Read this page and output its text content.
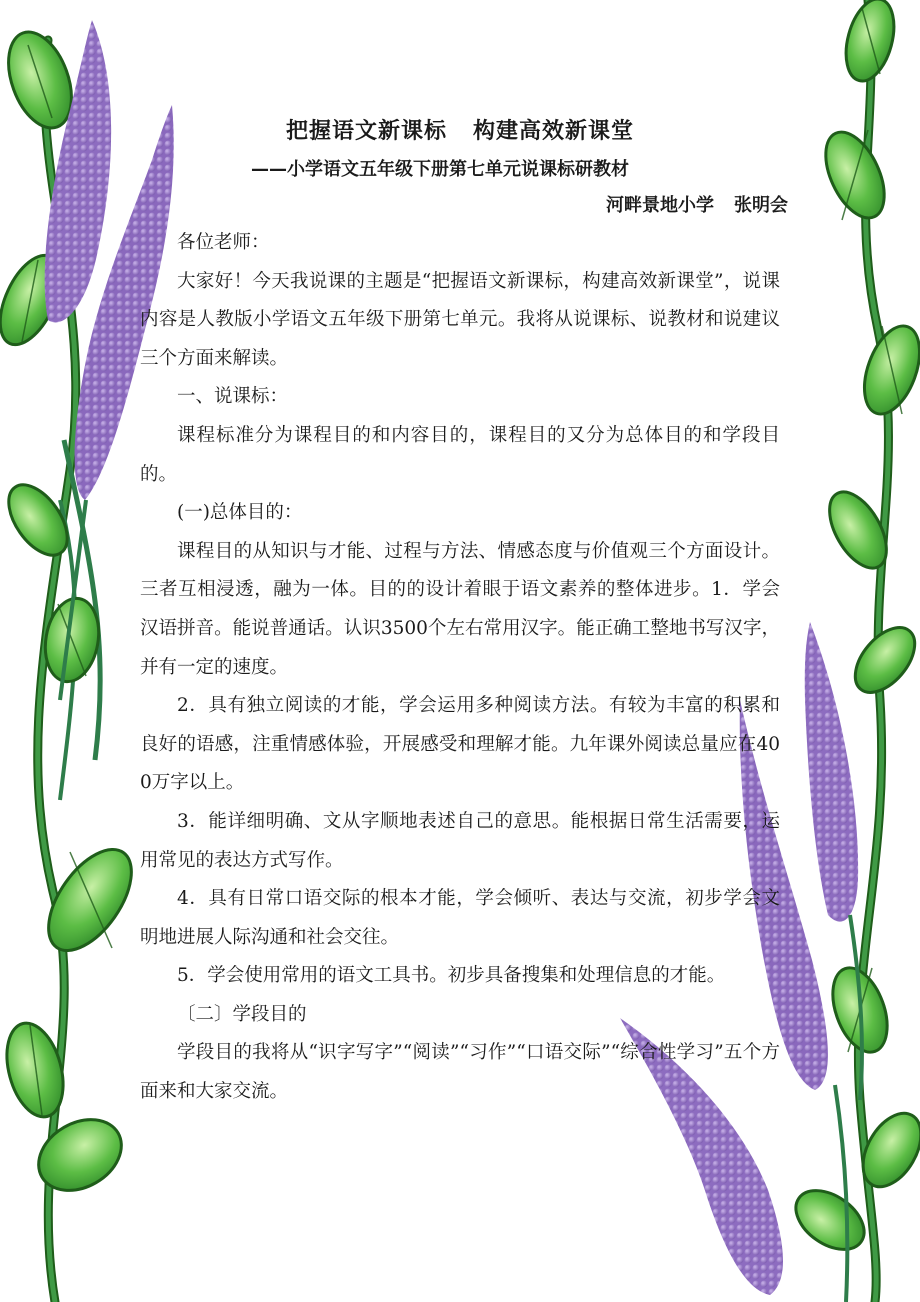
把握语文新课标 构建高效新课堂
——小学语文五年级下册第七单元说课标研教材
河畔景地小学 张明会

各位老师：

大家好！今天我说课的主题是“把握语文新课标，构建高效新课堂”，说课内容是人教版小学语文五年级下册第七单元。我将从说课标、说教材和说建议三个方面来解读。

一、说课标：

课程标准分为课程目的和内容目的，课程目的又分为总体目的和学段目的。

(一)总体目的：

课程目的从知识与才能、过程与方法、情感态度与价值观三个方面设计。三者互相浸透，融为一体。目的的设计着眼于语文素养的整体进步。1．学会汉语拼音。能说普通话。认识3500个左右常用汉字。能正确工整地书写汉字，并有一定的速度。

2．具有独立阅读的才能，学会运用多种阅读方法。有较为丰富的积累和良好的语感，注重情感体验，开展感受和理解才能。九年课外阅读总量应在400万字以上。

3．能详细明确、文从字顺地表述自己的意思。能根据日常生活需要，运用常见的表达方式写作。

4．具有日常口语交际的根本才能，学会倾听、表达与交流，初步学会文明地进展人际沟通和社会交往。

5．学会使用常用的语文工具书。初步具备搜集和处理信息的才能。

〔二〕学段目的

学段目的我将从“识字写字”“阅读”“习作”“口语交际”“综合性学习”五个方面来和大家交流。
